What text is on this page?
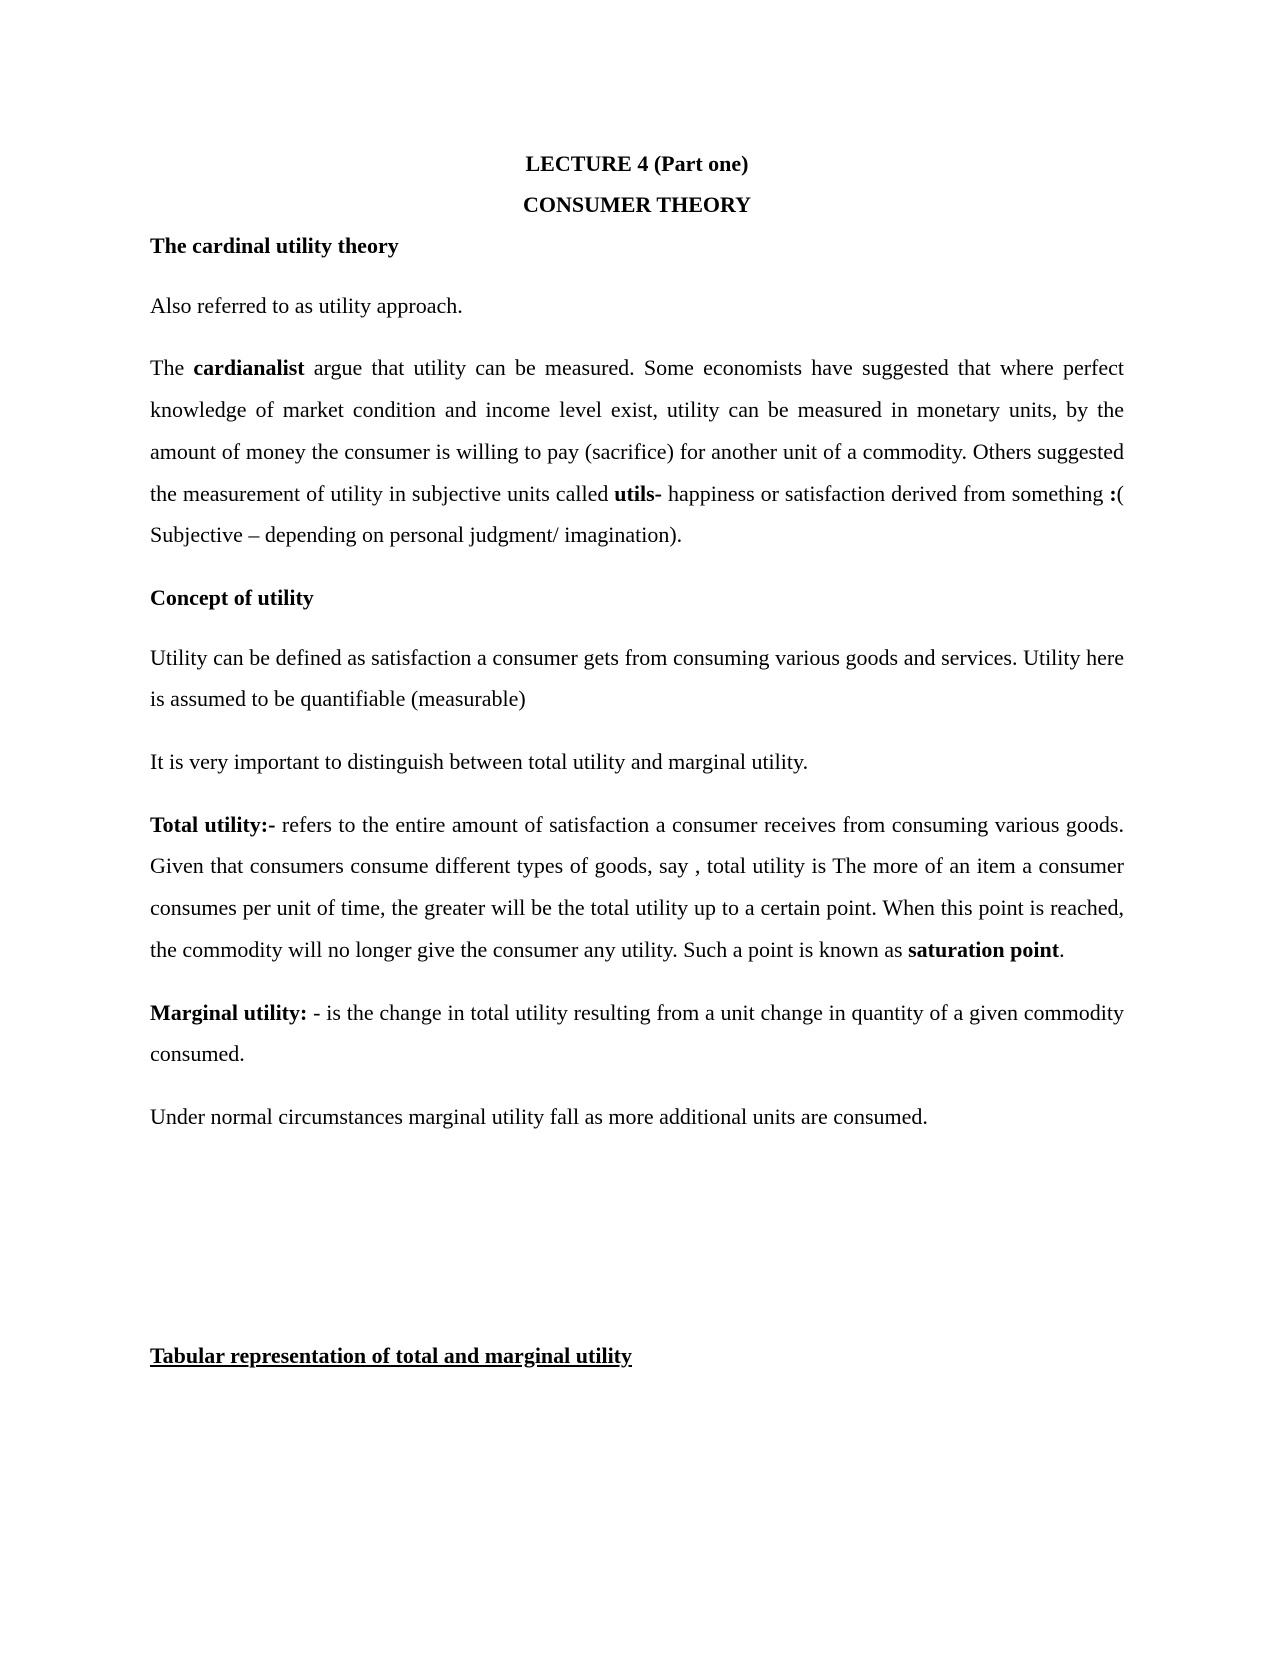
LECTURE 4 (Part one)
CONSUMER THEORY
The cardinal utility theory

Also referred to as utility approach.

The cardianalist argue that utility can be measured. Some economists have suggested that where perfect knowledge of market condition and income level exist, utility can be measured in monetary units, by the amount of money the consumer is willing to pay (sacrifice) for another unit of a commodity. Others suggested the measurement of utility in subjective units called utils- happiness or satisfaction derived from something :( Subjective – depending on personal judgment/ imagination).

Concept of utility

Utility can be defined as satisfaction a consumer gets from consuming various goods and services. Utility here is assumed to be quantifiable (measurable)

It is very important to distinguish between total utility and marginal utility.

Total utility:- refers to the entire amount of satisfaction a consumer receives from consuming various goods. Given that consumers consume different types of goods, say , total utility is The more of an item a consumer consumes per unit of time, the greater will be the total utility up to a certain point. When this point is reached, the commodity will no longer give the consumer any utility. Such a point is known as saturation point.

Marginal utility: - is the change in total utility resulting from a unit change in quantity of a given commodity consumed.

Under normal circumstances marginal utility fall as more additional units are consumed.

Tabular representation of total and marginal utility
